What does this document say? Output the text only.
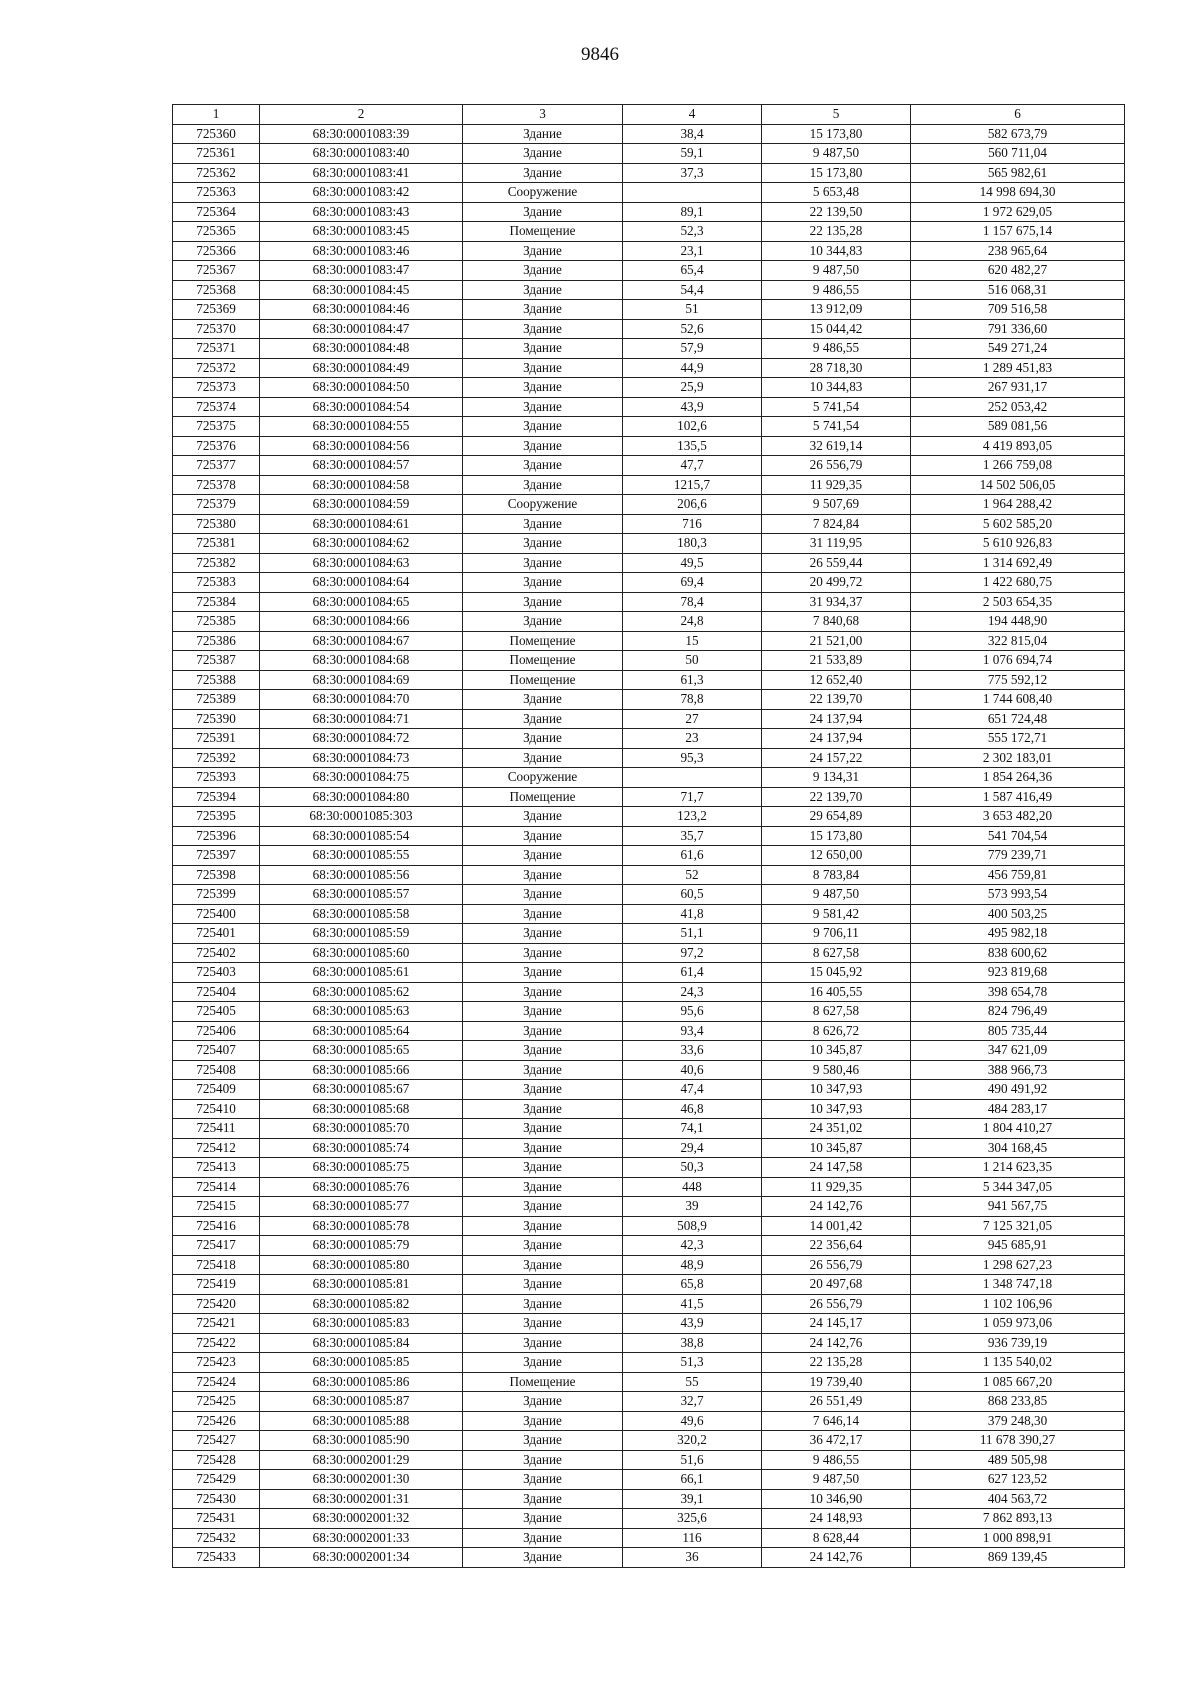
9846
1	2	3	4	5	6
725360	68:30:0001083:39	Здание	38,4	15 173,80	582 673,79
725361	68:30:0001083:40	Здание	59,1	9 487,50	560 711,04
725362	68:30:0001083:41	Здание	37,3	15 173,80	565 982,61
725363	68:30:0001083:42	Сооружение		5 653,48	14 998 694,30
725364	68:30:0001083:43	Здание	89,1	22 139,50	1 972 629,05
725365	68:30:0001083:45	Помещение	52,3	22 135,28	1 157 675,14
725366	68:30:0001083:46	Здание	23,1	10 344,83	238 965,64
725367	68:30:0001083:47	Здание	65,4	9 487,50	620 482,27
725368	68:30:0001084:45	Здание	54,4	9 486,55	516 068,31
725369	68:30:0001084:46	Здание	51	13 912,09	709 516,58
725370	68:30:0001084:47	Здание	52,6	15 044,42	791 336,60
725371	68:30:0001084:48	Здание	57,9	9 486,55	549 271,24
725372	68:30:0001084:49	Здание	44,9	28 718,30	1 289 451,83
725373	68:30:0001084:50	Здание	25,9	10 344,83	267 931,17
725374	68:30:0001084:54	Здание	43,9	5 741,54	252 053,42
725375	68:30:0001084:55	Здание	102,6	5 741,54	589 081,56
725376	68:30:0001084:56	Здание	135,5	32 619,14	4 419 893,05
725377	68:30:0001084:57	Здание	47,7	26 556,79	1 266 759,08
725378	68:30:0001084:58	Здание	1215,7	11 929,35	14 502 506,05
725379	68:30:0001084:59	Сооружение	206,6	9 507,69	1 964 288,42
725380	68:30:0001084:61	Здание	716	7 824,84	5 602 585,20
725381	68:30:0001084:62	Здание	180,3	31 119,95	5 610 926,83
725382	68:30:0001084:63	Здание	49,5	26 559,44	1 314 692,49
725383	68:30:0001084:64	Здание	69,4	20 499,72	1 422 680,75
725384	68:30:0001084:65	Здание	78,4	31 934,37	2 503 654,35
725385	68:30:0001084:66	Здание	24,8	7 840,68	194 448,90
725386	68:30:0001084:67	Помещение	15	21 521,00	322 815,04
725387	68:30:0001084:68	Помещение	50	21 533,89	1 076 694,74
725388	68:30:0001084:69	Помещение	61,3	12 652,40	775 592,12
725389	68:30:0001084:70	Здание	78,8	22 139,70	1 744 608,40
725390	68:30:0001084:71	Здание	27	24 137,94	651 724,48
725391	68:30:0001084:72	Здание	23	24 137,94	555 172,71
725392	68:30:0001084:73	Здание	95,3	24 157,22	2 302 183,01
725393	68:30:0001084:75	Сооружение		9 134,31	1 854 264,36
725394	68:30:0001084:80	Помещение	71,7	22 139,70	1 587 416,49
725395	68:30:0001085:303	Здание	123,2	29 654,89	3 653 482,20
725396	68:30:0001085:54	Здание	35,7	15 173,80	541 704,54
725397	68:30:0001085:55	Здание	61,6	12 650,00	779 239,71
725398	68:30:0001085:56	Здание	52	8 783,84	456 759,81
725399	68:30:0001085:57	Здание	60,5	9 487,50	573 993,54
725400	68:30:0001085:58	Здание	41,8	9 581,42	400 503,25
725401	68:30:0001085:59	Здание	51,1	9 706,11	495 982,18
725402	68:30:0001085:60	Здание	97,2	8 627,58	838 600,62
725403	68:30:0001085:61	Здание	61,4	15 045,92	923 819,68
725404	68:30:0001085:62	Здание	24,3	16 405,55	398 654,78
725405	68:30:0001085:63	Здание	95,6	8 627,58	824 796,49
725406	68:30:0001085:64	Здание	93,4	8 626,72	805 735,44
725407	68:30:0001085:65	Здание	33,6	10 345,87	347 621,09
725408	68:30:0001085:66	Здание	40,6	9 580,46	388 966,73
725409	68:30:0001085:67	Здание	47,4	10 347,93	490 491,92
725410	68:30:0001085:68	Здание	46,8	10 347,93	484 283,17
725411	68:30:0001085:70	Здание	74,1	24 351,02	1 804 410,27
725412	68:30:0001085:74	Здание	29,4	10 345,87	304 168,45
725413	68:30:0001085:75	Здание	50,3	24 147,58	1 214 623,35
725414	68:30:0001085:76	Здание	448	11 929,35	5 344 347,05
725415	68:30:0001085:77	Здание	39	24 142,76	941 567,75
725416	68:30:0001085:78	Здание	508,9	14 001,42	7 125 321,05
725417	68:30:0001085:79	Здание	42,3	22 356,64	945 685,91
725418	68:30:0001085:80	Здание	48,9	26 556,79	1 298 627,23
725419	68:30:0001085:81	Здание	65,8	20 497,68	1 348 747,18
725420	68:30:0001085:82	Здание	41,5	26 556,79	1 102 106,96
725421	68:30:0001085:83	Здание	43,9	24 145,17	1 059 973,06
725422	68:30:0001085:84	Здание	38,8	24 142,76	936 739,19
725423	68:30:0001085:85	Здание	51,3	22 135,28	1 135 540,02
725424	68:30:0001085:86	Помещение	55	19 739,40	1 085 667,20
725425	68:30:0001085:87	Здание	32,7	26 551,49	868 233,85
725426	68:30:0001085:88	Здание	49,6	7 646,14	379 248,30
725427	68:30:0001085:90	Здание	320,2	36 472,17	11 678 390,27
725428	68:30:0002001:29	Здание	51,6	9 486,55	489 505,98
725429	68:30:0002001:30	Здание	66,1	9 487,50	627 123,52
725430	68:30:0002001:31	Здание	39,1	10 346,90	404 563,72
725431	68:30:0002001:32	Здание	325,6	24 148,93	7 862 893,13
725432	68:30:0002001:33	Здание	116	8 628,44	1 000 898,91
725433	68:30:0002001:34	Здание	36	24 142,76	869 139,45
